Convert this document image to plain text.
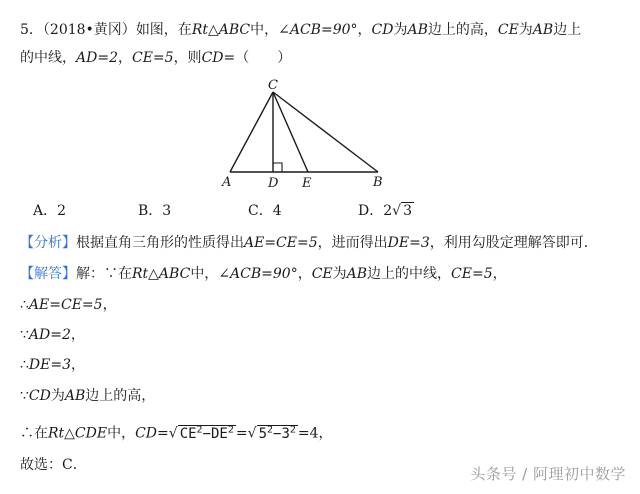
5．（2018•黄冈）如图，在Rt△ABC中，∠ACB=90°，CD为AB边上的高，CE为AB边上
的中线，AD=2，CE=5，则CD=（　　）
C
A	D E	B
A．2	B．3	C．4	D．2√ 3
【分析】根据直角三角形的性质得出AE=CE=5，进而得出DE=3，利用勾股定理解答即可．
【解答】解：∵在Rt△ABC中，∠ACB=90°，CE为AB边上的中线，CE=5，
∴AE=CE=5，
∵AD=2，
∴DE=3，
∵CD为AB边上的高，
∴在Rt△CDE中，CD=√ $CE^2-DE^2$ =√ $5^2-3^2 =4$，
故选：C．	头条号 / 阿理初中数学
